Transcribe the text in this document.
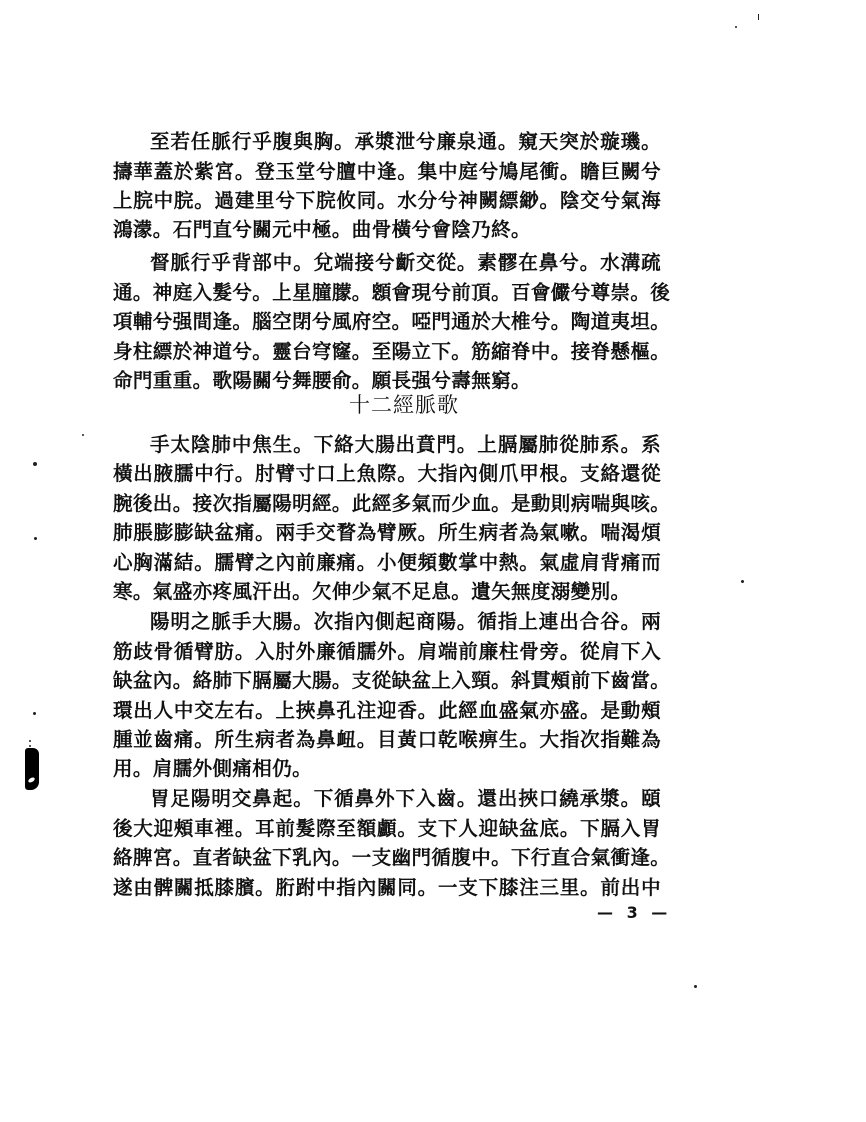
至若任脈行乎腹與胸。承漿泄兮廉泉通。窺天突於璇璣。
擣華蓋於紫宮。登玉堂兮膻中逢。集中庭兮鳩尾衝。瞻巨闕兮
上脘中脘。過建里兮下脘攸同。水分兮神闕縹緲。陰交兮氣海
鴻濛。石門直兮關元中極。曲骨橫兮會陰乃終。
督脈行乎背部中。兌端接兮齗交從。素髎在鼻兮。水溝疏
通。神庭入髮兮。上星朣朦。顖會現兮前頂。百會儼兮尊崇。後
項輔兮强間逢。腦空閉兮風府空。啞門通於大椎兮。陶道夷坦。
身柱縹於神道兮。靈台穹窿。至陽立下。筋縮脊中。接脊懸樞。
命門重重。歌陽關兮舞腰俞。願長强兮壽無窮。
十二經脈歌
手太陰肺中焦生。下絡大腸出賁門。上膈屬肺從肺系。系
橫出腋臑中行。肘臂寸口上魚際。大指內側爪甲根。支絡還從
腕後出。接次指屬陽明經。此經多氣而少血。是動則病喘與咳。
肺脹膨膨缺盆痛。兩手交瞀為臂厥。所生病者為氣嗽。喘渴煩
心胸滿結。臑臂之內前廉痛。小便頻數掌中熱。氣虛肩背痛而
寒。氣盛亦疼風汗出。欠伸少氣不足息。遺矢無度溺變別。
陽明之脈手大腸。次指內側起商陽。循指上連出合谷。兩
筋歧骨循臂肪。入肘外廉循臑外。肩端前廉柱骨旁。從肩下入
缺盆內。絡肺下膈屬大腸。支從缺盆上入頸。斜貫頰前下齒當。
環出人中交左右。上挾鼻孔注迎香。此經血盛氣亦盛。是動頰
腫並齒痛。所生病者為鼻衄。目黃口乾喉痹生。大指次指難為
用。肩臑外側痛相仍。
胃足陽明交鼻起。下循鼻外下入齒。還出挾口繞承漿。頤
後大迎頰車裡。耳前髮際至額顱。支下人迎缺盆底。下膈入胃
絡脾宮。直者缺盆下乳內。一支幽門循腹中。下行直合氣衝逢。
遂由髀關抵膝臏。胻跗中指內關同。一支下膝注三里。前出中
— 3 —
